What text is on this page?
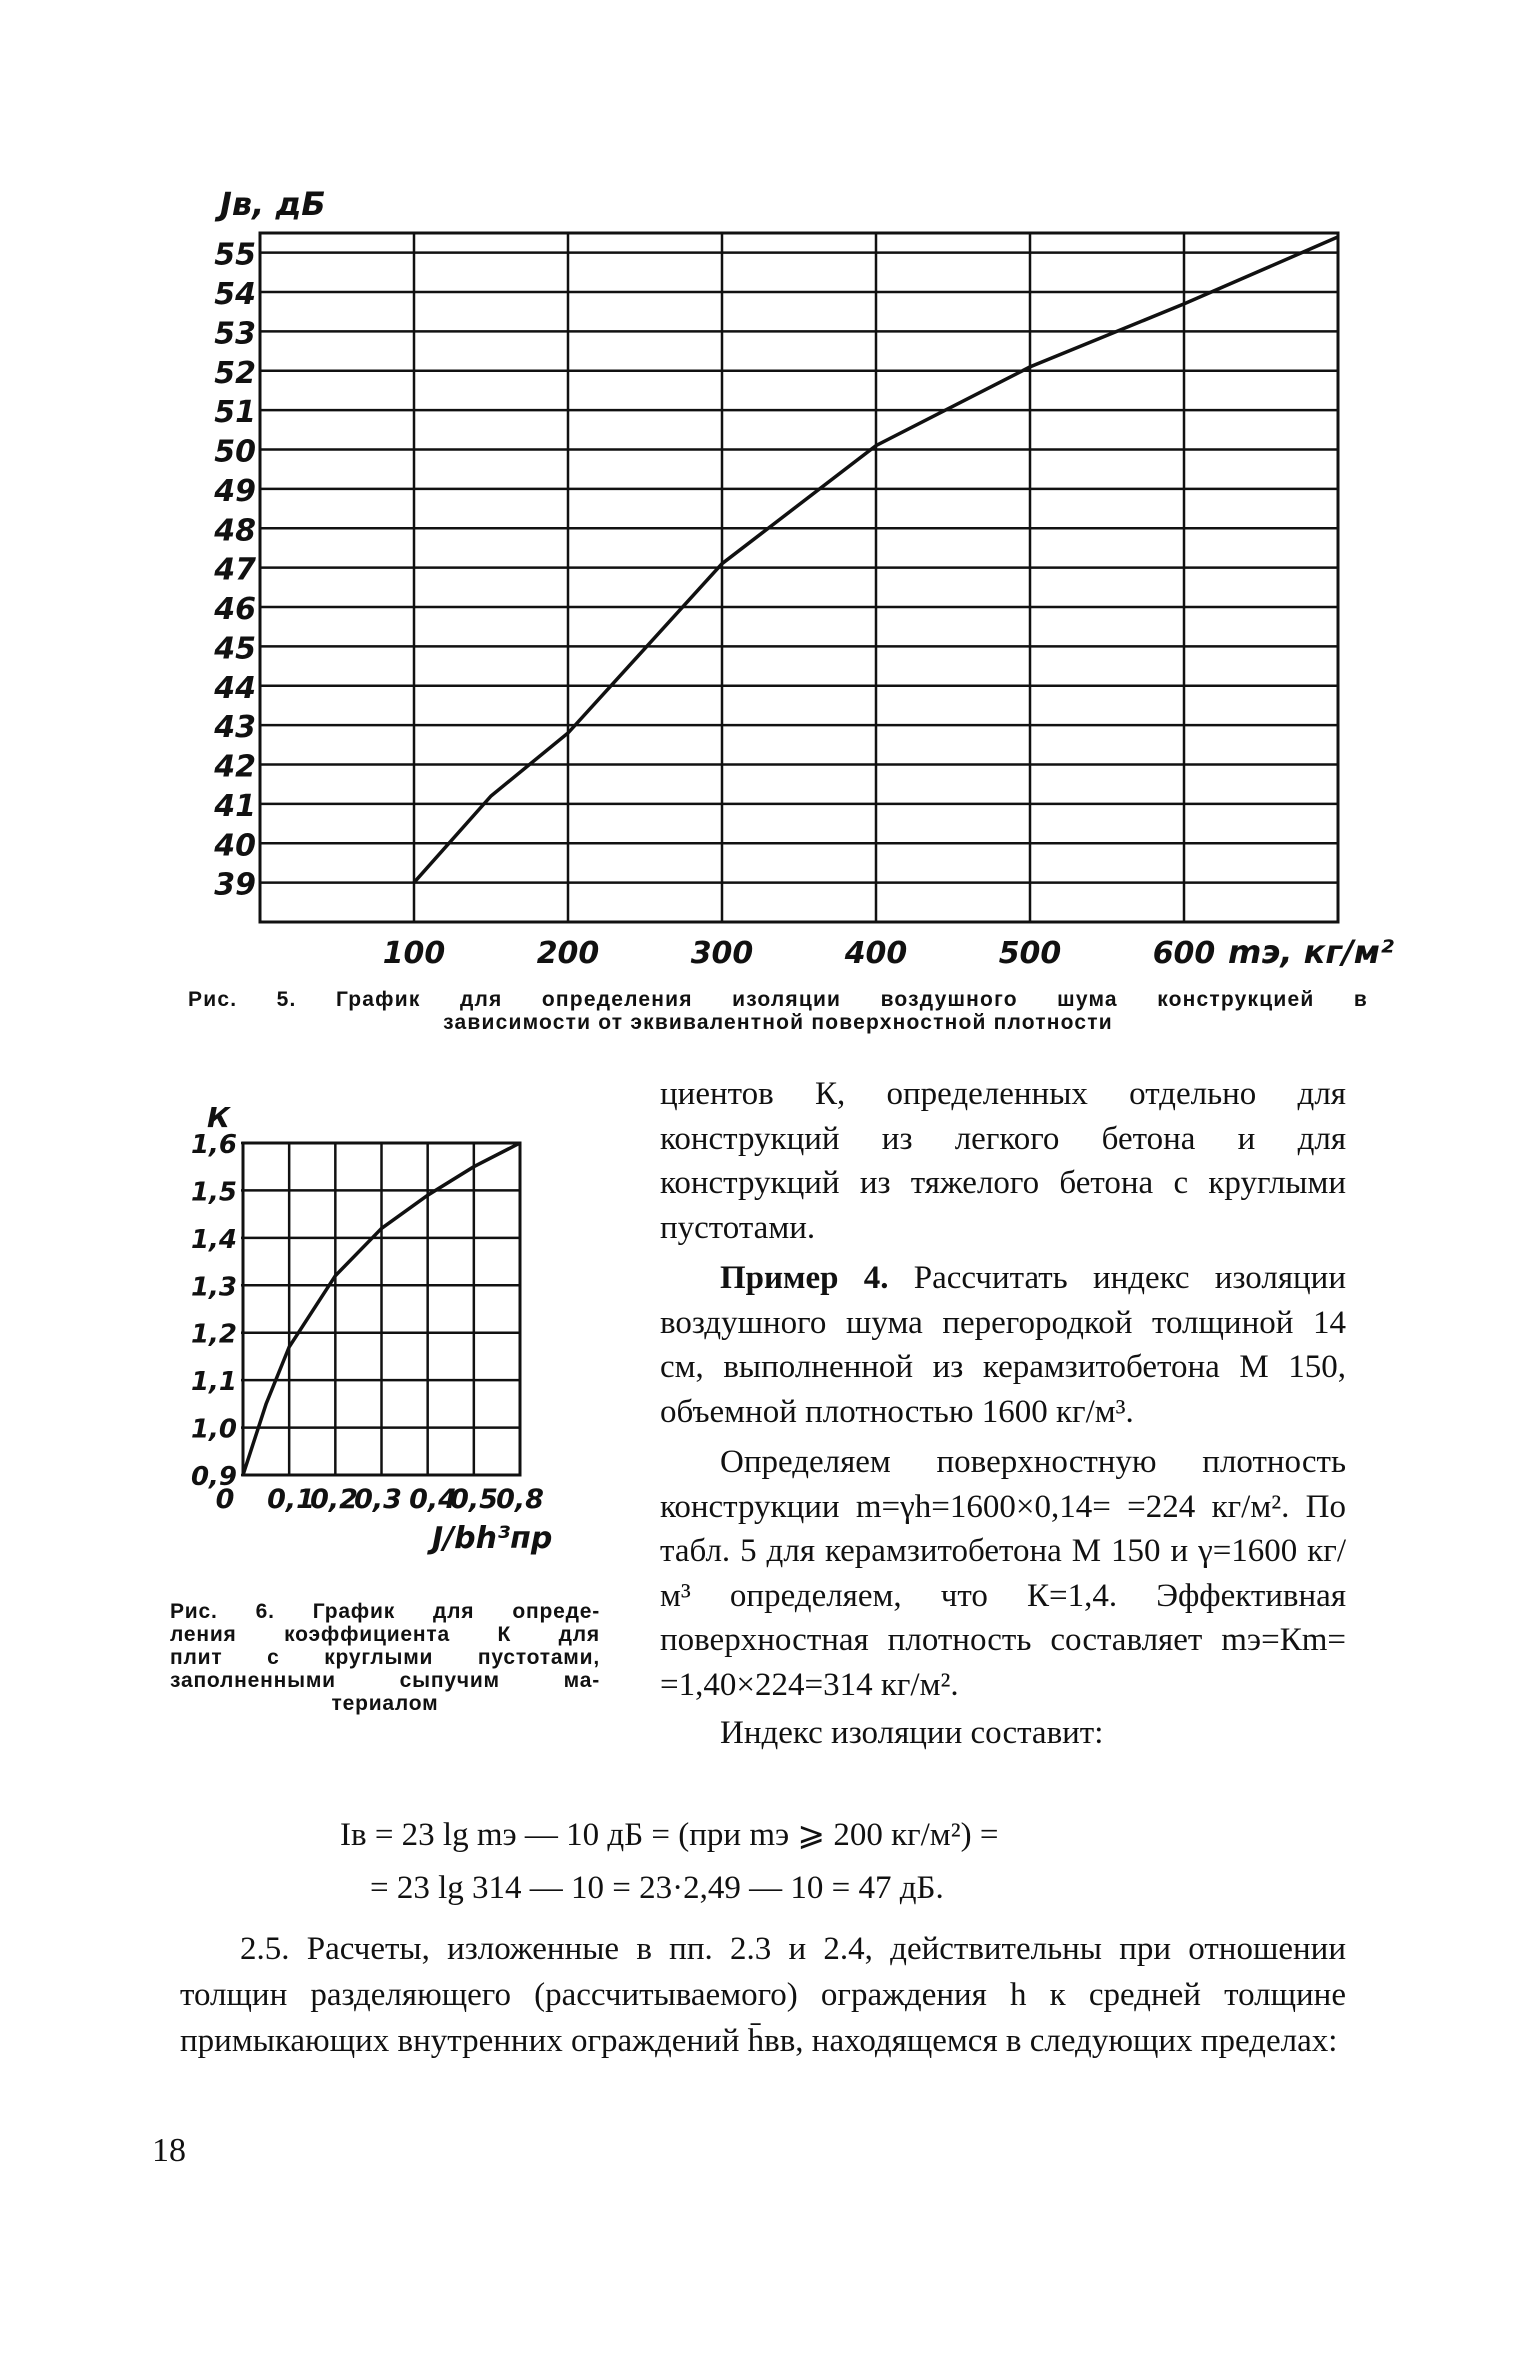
55
54
53
52
51
50
49
48
47
46
45
44
43
42
41
40
39
100	200	300	400	500	600
Jв, дБ
mэ, кг/м²
Рис. 5. График для определения изоляции воздушного шума конструкцией в
зависимости от эквивалентной поверхностной плотности
1,6
1,5
1,4
1,3
1,2
1,1
1,0
0,9
0 0,1
0,2
0,3 0,4
0,5
0,8
К
J/bh³пр
Рис. 6. График для опреде-
ления коэффициента К для
плит с круглыми пустотами,
заполненными сыпучим ма-
териалом

циентов К, определенных отдельно для конструкций из легкого бетона и для конструкций из тяжелого бетона с круглыми пустотами.

Пример 4. Рассчитать индекс изоляции воздушного шума перегородкой толщиной 14 см, выполненной из керамзитобетона М 150, объемной плотностью 1600 кг/м³.

Определяем поверхностную плотность конструкции m=γh=1600×0,14= =224 кг/м². По табл. 5 для керамзитобетона М 150 и γ=1600 кг/м³ определяем, что К=1,4. Эффективная поверхностная плотность составляет mэ=Кm= =1,40×224=314 кг/м².

Индекс изоляции составит:

Iв = 23 lg mэ — 10 дБ = (при mэ ⩾ 200 кг/м²) =
= 23 lg 314 — 10 = 23·2,49 — 10 = 47 дБ.

2.5. Расчеты, изложенные в пп. 2.3 и 2.4, действительны при отношении толщин разделяющего (рассчитываемого) ограждения h к средней толщине примыкающих внутренних ограждений h̄вв, находящемся в следующих пределах:

18
